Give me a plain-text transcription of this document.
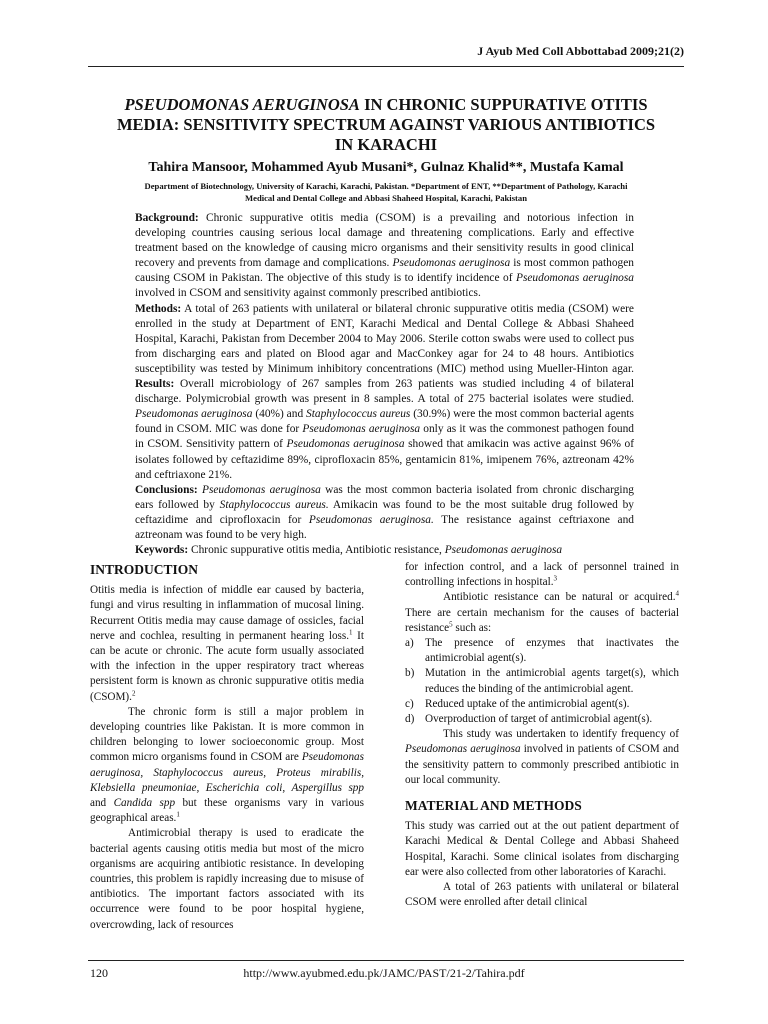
J Ayub Med Coll Abbottabad 2009;21(2)
PSEUDOMONAS AERUGINOSA IN CHRONIC SUPPURATIVE OTITIS
MEDIA: SENSITIVITY SPECTRUM AGAINST VARIOUS ANTIBIOTICS
IN KARACHI
Tahira Mansoor, Mohammed Ayub Musani*, Gulnaz Khalid**, Mustafa Kamal
Department of Biotechnology, University of Karachi, Karachi, Pakistan. *Department of ENT, **Department of Pathology, Karachi
Medical and Dental College and Abbasi Shaheed Hospital, Karachi, Pakistan

Background: Chronic suppurative otitis media (CSOM) is a prevailing and notorious infection in developing countries causing serious local damage and threatening complications. Early and effective treatment based on the knowledge of causing micro organisms and their sensitivity results in good clinical recovery and prevents from damage and complications. Pseudomonas aeruginosa is most common pathogen causing CSOM in Pakistan. The objective of this study is to identify incidence of Pseudomonas aeruginosa involved in CSOM and sensitivity against commonly prescribed antibiotics.

Methods: A total of 263 patients with unilateral or bilateral chronic suppurative otitis media (CSOM) were enrolled in the study at Department of ENT, Karachi Medical and Dental College & Abbasi Shaheed Hospital, Karachi, Pakistan from December 2004 to May 2006. Sterile cotton swabs were used to collect pus from discharging ears and plated on Blood agar and MacConkey agar for 24 to 48 hours. Antibiotics susceptibility was tested by Minimum inhibitory concentrations (MIC) method using Mueller-Hinton agar. Results: Overall microbiology of 267 samples from 263 patients was studied including 4 of bilateral discharge. Polymicrobial growth was present in 8 samples. A total of 275 bacterial isolates were studied. Pseudomonas aeruginosa (40%) and Staphylococcus aureus (30.9%) were the most common bacterial agents found in CSOM. MIC was done for Pseudomonas aeruginosa only as it was the commonest pathogen found in CSOM. Sensitivity pattern of Pseudomonas aeruginosa showed that amikacin was active against 96% of isolates followed by ceftazidime 89%, ciprofloxacin 85%, gentamicin 81%, imipenem 76%, aztreonam 42% and ceftriaxone 21%.

Conclusions: Pseudomonas aeruginosa was the most common bacteria isolated from chronic discharging ears followed by Staphylococcus aureus. Amikacin was found to be the most suitable drug followed by ceftazidime and ciprofloxacin for Pseudomonas aeruginosa. The resistance against ceftriaxone and aztreonam was found to be very high.

Keywords: Chronic suppurative otitis media, Antibiotic resistance, Pseudomonas aeruginosa

INTRODUCTION

Otitis media is infection of middle ear caused by bacteria, fungi and virus resulting in inflammation of mucosal lining. Recurrent Otitis media may cause damage of ossicles, facial nerve and cochlea, resulting in permanent hearing loss.$^1$ It can be acute or chronic. The acute form usually associated with the infection in the upper respiratory tract whereas persistent form is known as chronic suppurative otitis media (CSOM).$^2$

The chronic form is still a major problem in developing countries like Pakistan. It is more common in children belonging to lower socioeconomic group. Most common micro organisms found in CSOM are Pseudomonas aeruginosa, Staphylococcus aureus, Proteus mirabilis, Klebsiella pneumoniae, Escherichia coli, Aspergillus spp and Candida spp but these organisms vary in various geographical areas.$^1$

Antimicrobial therapy is used to eradicate the bacterial agents causing otitis media but most of the micro organisms are acquiring antibiotic resistance. In developing countries, this problem is rapidly increasing due to misuse of antibiotics. The important factors associated with its occurrence were found to be poor hospital hygiene, overcrowding, lack of resources

for infection control, and a lack of personnel trained in controlling infections in hospital.$^3$

Antibiotic resistance can be natural or acquired.$^4$ There are certain mechanism for the causes of bacterial resistance$^5$ such as:

a) The presence of enzymes that inactivates the antimicrobial agent(s).
b) Mutation in the antimicrobial agents target(s), which reduces the binding of the antimicrobial agent.
c) Reduced uptake of the antimicrobial agent(s).
d) Overproduction of target of antimicrobial agent(s).

This study was undertaken to identify frequency of Pseudomonas aeruginosa involved in patients of CSOM and the sensitivity pattern to commonly prescribed antibiotic in our local community.

MATERIAL AND METHODS

This study was carried out at the out patient department of Karachi Medical & Dental College and Abbasi Shaheed Hospital, Karachi. Some clinical isolates from discharging ear were also collected from other laboratories of Karachi.

A total of 263 patients with unilateral or bilateral CSOM were enrolled after detail clinical

120	http://www.ayubmed.edu.pk/JAMC/PAST/21-2/Tahira.pdf
